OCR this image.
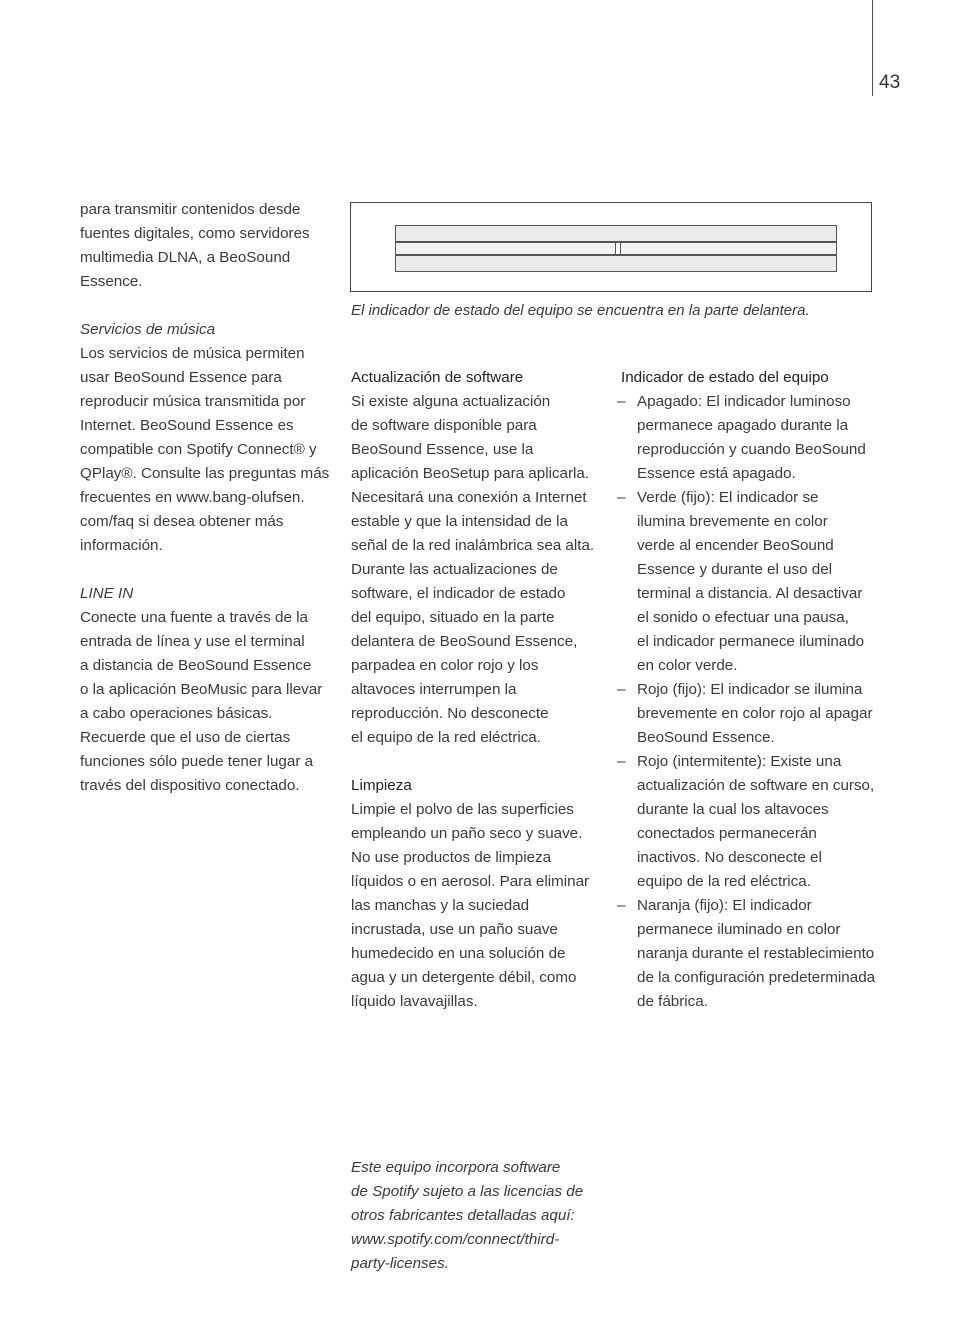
43

para transmitir contenidos desde

fuentes digitales, como servidores

multimedia DLNA, a BeoSound

Essence.

Servicios de música

Los servicios de música permiten

usar BeoSound Essence para

reproducir música transmitida por

Internet. BeoSound Essence es

compatible con Spotify Connect® y

QPlay®. Consulte las preguntas más

frecuentes en www.bang-olufsen.

com/faq si desea obtener más

información.

LINE IN

Conecte una fuente a través de la

entrada de línea y use el terminal

a distancia de BeoSound Essence

o la aplicación BeoMusic para llevar

a cabo operaciones básicas.

Recuerde que el uso de ciertas

funciones sólo puede tener lugar a

través del dispositivo conectado.

El indicador de estado del equipo se encuentra en la parte delantera.

Actualización de software

Si existe alguna actualización

de software disponible para

BeoSound Essence, use la

aplicación BeoSetup para aplicarla.

Necesitará una conexión a Internet

estable y que la intensidad de la

señal de la red inalámbrica sea alta.

Durante las actualizaciones de

software, el indicador de estado

del equipo, situado en la parte

delantera de BeoSound Essence,

parpadea en color rojo y los

altavoces interrumpen la

reproducción. No desconecte

el equipo de la red eléctrica.

Limpieza

Limpie el polvo de las superficies

empleando un paño seco y suave.

No use productos de limpieza

líquidos o en aerosol. Para eliminar

las manchas y la suciedad

incrustada, use un paño suave

humedecido en una solución de

agua y un detergente débil, como

líquido lavavajillas.

Indicador de estado del equipo

– Apagado: El indicador luminoso

permanece apagado durante la

reproducción y cuando BeoSound

Essence está apagado.

– Verde (fijo): El indicador se

ilumina brevemente en color

verde al encender BeoSound

Essence y durante el uso del

terminal a distancia. Al desactivar

el sonido o efectuar una pausa,

el indicador permanece iluminado

en color verde.

– Rojo (fijo): El indicador se ilumina

brevemente en color rojo al apagar

BeoSound Essence.

– Rojo (intermitente): Existe una

actualización de software en curso,

durante la cual los altavoces

conectados permanecerán

inactivos. No desconecte el

equipo de la red eléctrica.

– Naranja (fijo): El indicador

permanece iluminado en color

naranja durante el restablecimiento

de la configuración predeterminada

de fábrica.

Este equipo incorpora software

de Spotify sujeto a las licencias de

otros fabricantes detalladas aquí:

www.spotify.com/connect/third-

party-licenses.
